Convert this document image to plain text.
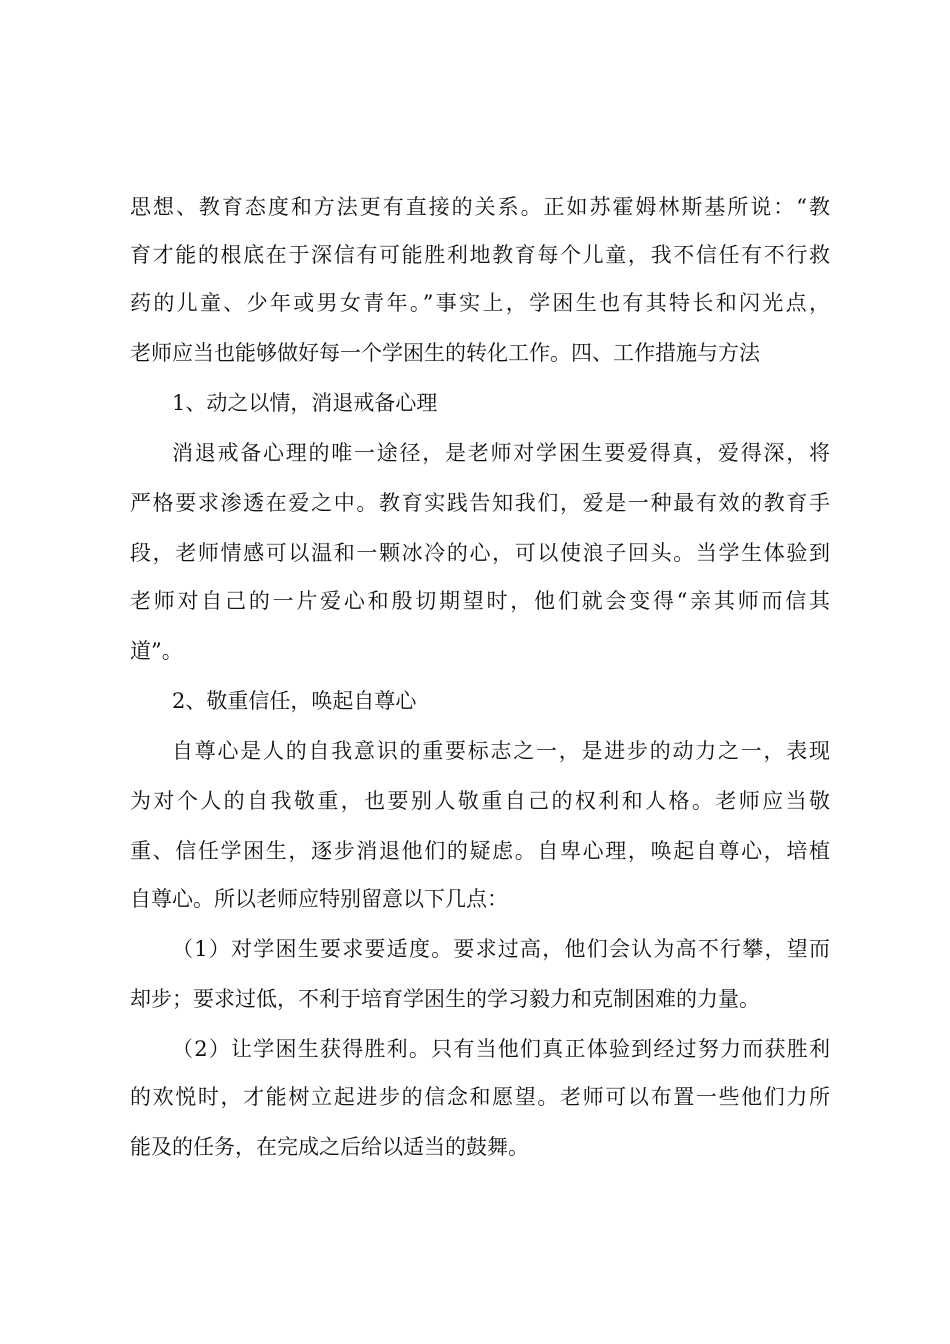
思想、教育态度和方法更有直接的关系。正如苏霍姆林斯基所说：“教
育才能的根底在于深信有可能胜利地教育每个儿童，我不信任有不行救
药的儿童、少年或男女青年。”事实上，学困生也有其特长和闪光点，
老师应当也能够做好每一个学困生的转化工作。四、工作措施与方法
1、动之以情，消退戒备心理
消退戒备心理的唯一途径，是老师对学困生要爱得真，爱得深，将
严格要求渗透在爱之中。教育实践告知我们，爱是一种最有效的教育手
段，老师情感可以温和一颗冰冷的心，可以使浪子回头。当学生体验到
老师对自己的一片爱心和殷切期望时，他们就会变得“亲其师而信其
道”。
2、敬重信任，唤起自尊心
自尊心是人的自我意识的重要标志之一，是进步的动力之一，表现
为对个人的自我敬重，也要别人敬重自己的权利和人格。老师应当敬
重、信任学困生，逐步消退他们的疑虑。自卑心理，唤起自尊心，培植
自尊心。所以老师应特别留意以下几点：
（1）对学困生要求要适度。要求过高，他们会认为高不行攀，望而
却步；要求过低，不利于培育学困生的学习毅力和克制困难的力量。
（2）让学困生获得胜利。只有当他们真正体验到经过努力而获胜利
的欢悦时，才能树立起进步的信念和愿望。老师可以布置一些他们力所
能及的任务，在完成之后给以适当的鼓舞。
